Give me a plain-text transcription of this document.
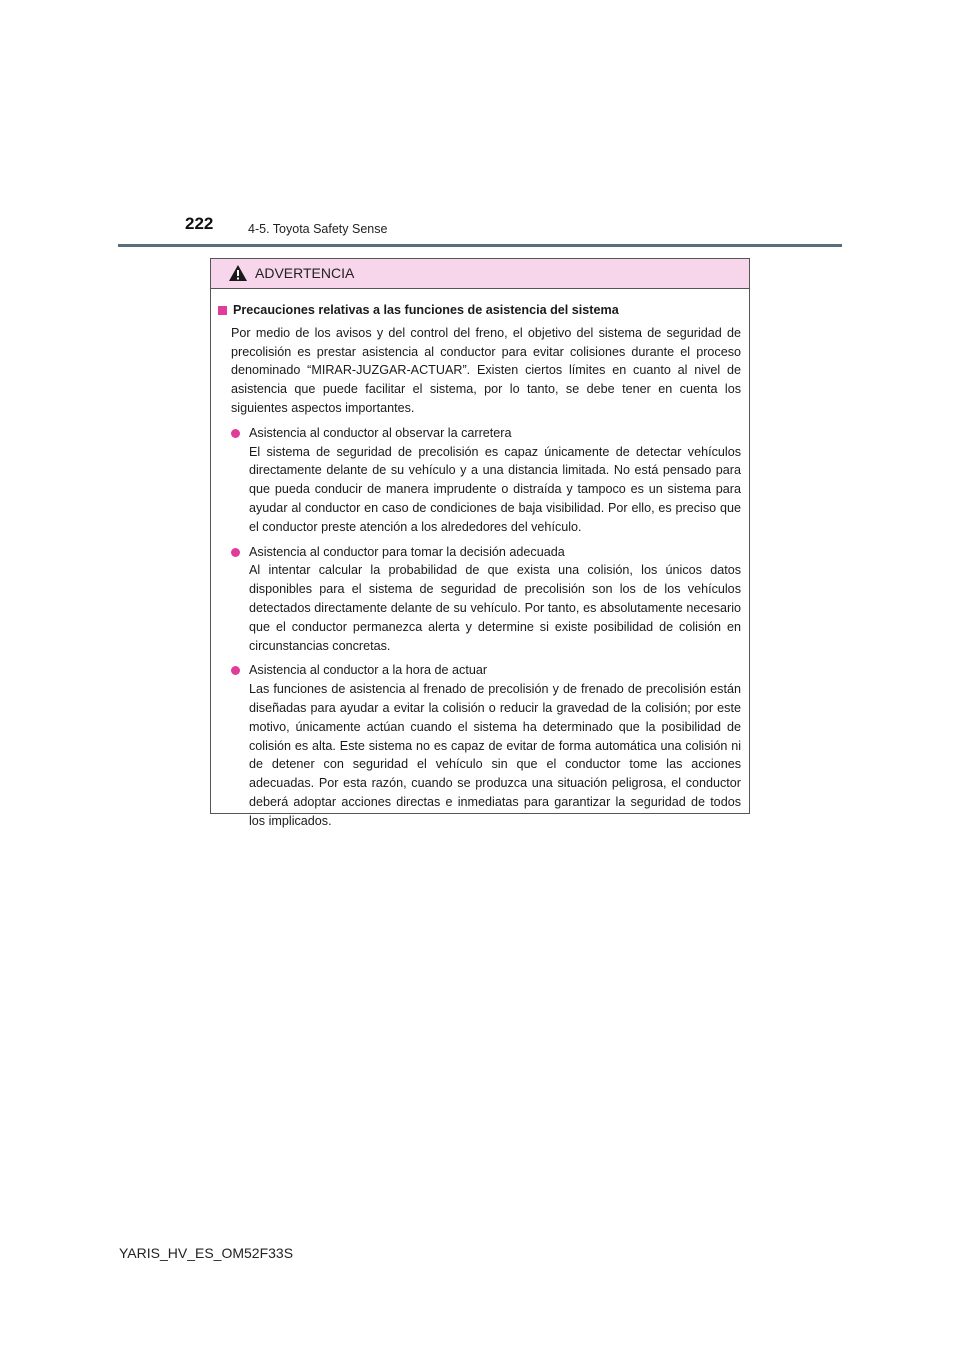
222	4-5. Toyota Safety Sense
ADVERTENCIA
Precauciones relativas a las funciones de asistencia del sistema
Por medio de los avisos y del control del freno, el objetivo del sistema de seguridad de precolisión es prestar asistencia al conductor para evitar colisiones durante el proceso denominado “MIRAR-JUZGAR-ACTUAR”. Existen ciertos límites en cuanto al nivel de asistencia que puede facilitar el sistema, por lo tanto, se debe tener en cuenta los siguientes aspectos importantes.
Asistencia al conductor al observar la carretera
El sistema de seguridad de precolisión es capaz únicamente de detectar vehículos directamente delante de su vehículo y a una distancia limitada. No está pensado para que pueda conducir de manera imprudente o distraída y tampoco es un sistema para ayudar al conductor en caso de condiciones de baja visibilidad. Por ello, es preciso que el conductor preste atención a los alrededores del vehículo.
Asistencia al conductor para tomar la decisión adecuada
Al intentar calcular la probabilidad de que exista una colisión, los únicos datos disponibles para el sistema de seguridad de precolisión son los de los vehículos detectados directamente delante de su vehículo. Por tanto, es absolutamente necesario que el conductor permanezca alerta y determine si existe posibilidad de colisión en circunstancias concretas.
Asistencia al conductor a la hora de actuar
Las funciones de asistencia al frenado de precolisión y de frenado de precolisión están diseñadas para ayudar a evitar la colisión o reducir la gravedad de la colisión; por este motivo, únicamente actúan cuando el sistema ha determinado que la posibilidad de colisión es alta. Este sistema no es capaz de evitar de forma automática una colisión ni de detener con seguridad el vehículo sin que el conductor tome las acciones adecuadas. Por esta razón, cuando se produzca una situación peligrosa, el conductor deberá adoptar acciones directas e inmediatas para garantizar la seguridad de todos los implicados.
YARIS_HV_ES_OM52F33S
